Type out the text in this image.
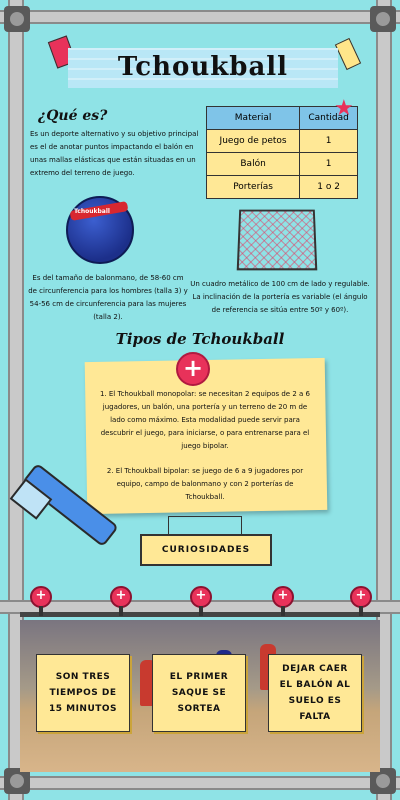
Tchoukball
¿Qué es?
Es un deporte alternativo y su objetivo principal es el de anotar puntos impactando el balón en unas mallas elásticas que están situadas en un extremo del terreno de juego.
Material	Cantidad
Juego de petos	1
Balón	1
Porterías	1 o 2
★
Tchoukball
Es del tamaño de balonmano, de 58-60 cm de circunferencia para los hombres (talla 3) y 54-56 cm de circunferencia para las mujeres (talla 2).
Un cuadro metálico de 100 cm de lado y regulable. La inclinación de la portería es variable (el ángulo de referencia se sitúa entre 50º y 60º).
Tipos de Tchoukball
+
1. El Tchoukball monopolar: se necesitan 2 equipos de 2 a 6 jugadores, un balón, una portería y un terreno de 20 m de lado como máximo. Esta modalidad puede servir para descubrir el juego, para iniciarse, o para entrenarse para el juego bipolar.
2. El Tchoukball bipolar: se juego de 6 a 9 jugadores por equipo, campo de balonmano y con 2 porterías de Tchoukball.
CURIOSIDADES
+	+	+	+	+
SON TRES TIEMPOS DE 15 MINUTOS
EL PRIMER SAQUE SE SORTEA
DEJAR CAER EL BALÓN AL SUELO ES FALTA
